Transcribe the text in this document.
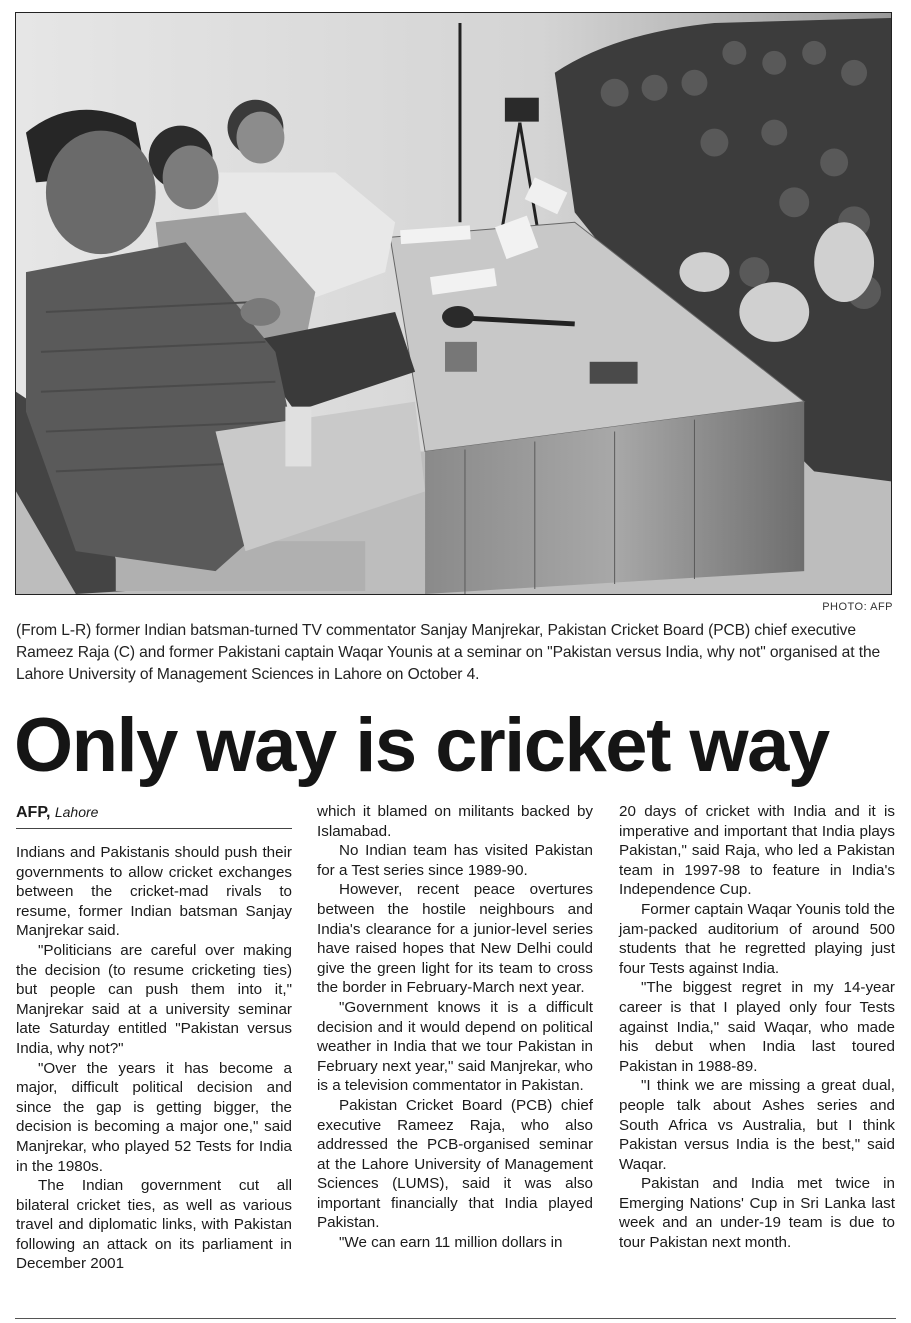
PHOTO: AFP
(From L-R) former Indian batsman-turned TV commentator Sanjay Manjrekar, Pakistan Cricket Board (PCB) chief executive Rameez Raja (C) and former Pakistani captain Waqar Younis at a seminar on "Pakistan versus India, why not" organised at the Lahore University of Management Sciences in Lahore on October 4.
Only way is cricket way
AFP, Lahore

Indians and Pakistanis should push their governments to allow cricket exchanges between the cricket-mad rivals to resume, former Indian batsman Sanjay Manjrekar said.

"Politicians are careful over making the decision (to resume cricketing ties) but people can push them into it," Manjrekar said at a university seminar late Saturday entitled "Pakistan versus India, why not?"

"Over the years it has become a major, difficult political decision and since the gap is getting bigger, the decision is becoming a major one," said Manjrekar, who played 52 Tests for India in the 1980s.

The Indian government cut all bilateral cricket ties, as well as various travel and diplomatic links, with Pakistan following an attack on its parliament in December 2001

which it blamed on militants backed by Islamabad.

No Indian team has visited Pakistan for a Test series since 1989-90.

However, recent peace overtures between the hostile neighbours and India's clearance for a junior-level series have raised hopes that New Delhi could give the green light for its team to cross the border in February-March next year.

"Government knows it is a difficult decision and it would depend on political weather in India that we tour Pakistan in February next year," said Manjrekar, who is a television commentator in Pakistan.

Pakistan Cricket Board (PCB) chief executive Rameez Raja, who also addressed the PCB-organised seminar at the Lahore University of Management Sciences (LUMS), said it was also important financially that India played Pakistan.

"We can earn 11 million dollars in

20 days of cricket with India and it is imperative and important that India plays Pakistan," said Raja, who led a Pakistan team in 1997-98 to feature in India's Independence Cup.

Former captain Waqar Younis told the jam-packed auditorium of around 500 students that he regretted playing just four Tests against India.

"The biggest regret in my 14-year career is that I played only four Tests against India," said Waqar, who made his debut when India last toured Pakistan in 1988-89.

"I think we are missing a great dual, people talk about Ashes series and South Africa vs Australia, but I think Pakistan versus India is the best," said Waqar.

Pakistan and India met twice in Emerging Nations' Cup in Sri Lanka last week and an under-19 team is due to tour Pakistan next month.
